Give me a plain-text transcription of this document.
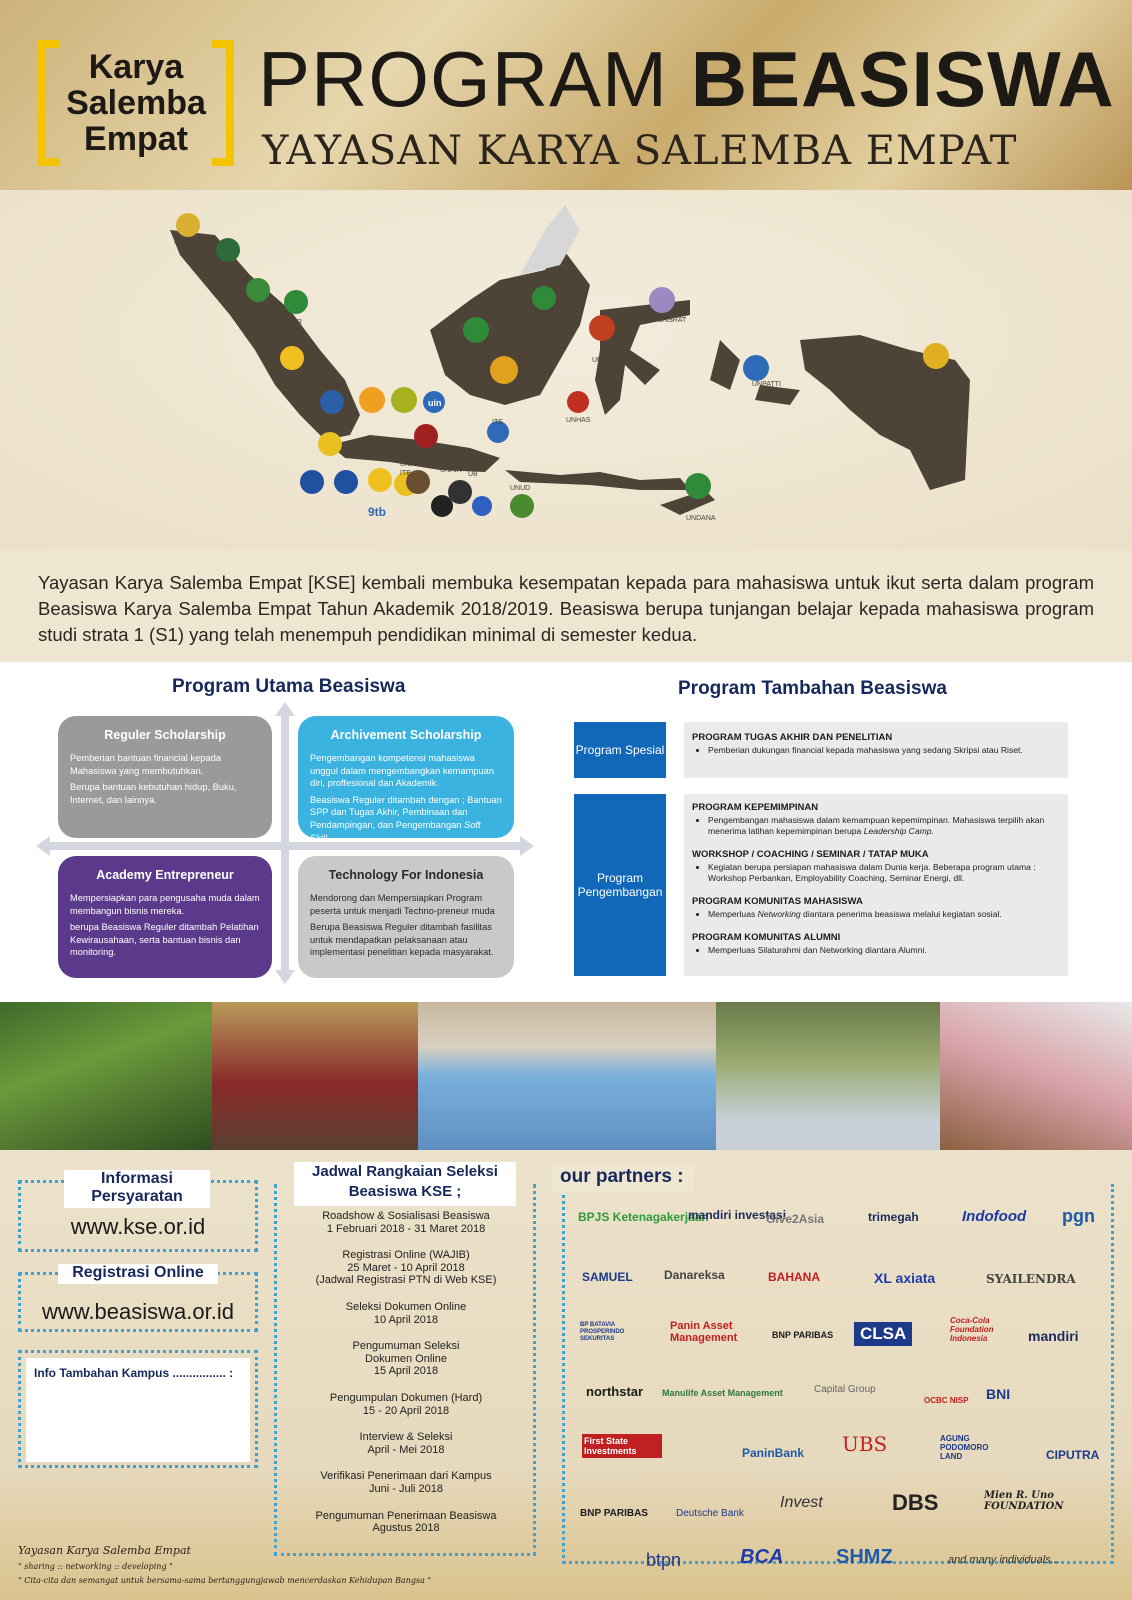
Karya
Salemba
Empat
PROGRAM BEASISWA
YAYASAN KARYA SALEMBA EMPAT
UNSYIAH
USU
UNAND
UR
UNSRI
UNILA
UNTIRTA
UNJ
UI IPB
UNPAD
ITB
UNDIP
UNAIR
ITS
UB
UNUD
UPR
ULM
UNMUL
UNTAD
UNHAS
UNSRAT
UNPATTI	UNCEN
UNDANA
uin
9tb
Yayasan Karya Salemba Empat [KSE] kembali membuka kesempatan kepada para mahasiswa untuk ikut serta dalam program Beasiswa Karya Salemba Empat Tahun Akademik 2018/2019. Beasiswa berupa tunjangan belajar kepada mahasiswa program studi strata 1 (S1) yang telah menempuh pendidikan minimal di semester kedua.
Program Utama Beasiswa	Program Tambahan Beasiswa
Reguler Scholarship

Pemberian bantuan financial kepada Mahasiswa yang membutuhkan.

Berupa bantuan kebutuhan hidup, Buku, Internet, dan lainnya.

Archivement Scholarship

Pengembangan kompetensi mahasiswa unggul dalam mengembangkan kemampuan diri, proffesional dan Akademik.

Beasiswa Reguler ditambah dengan ; Bantuan SPP dan Tugas Akhir, Pembinaan dan Pendampingan, dan Pengembangan Soft Skill.

Academy Entrepreneur

Mempersiapkan para pengusaha muda dalam membangun bisnis mereka.

berupa Beasiswa Reguler ditambah Pelatihan Kewirausahaan, serta bantuan bisnis dan monitoring.

Technology For Indonesia

Mendorong dan Mempersiapkan Program peserta untuk menjadi Techno-preneur muda

Berupa Beasiswa Reguler ditambah fasilitas untuk mendapatkan pelaksanaan atau implementasi penelitian kepada masyarakat.

Program Spesial
PROGRAM TUGAS AKHIR DAN PENELITIAN
• Pemberian dukungan financial kepada mahasiswa yang sedang Skripsi atau Riset.
Program Pengembangan
PROGRAM KEPEMIMPINAN
• Pengembangan mahasiswa dalam kemampuan kepemimpinan. Mahasiswa terpilih akan menerima latihan kepemimpinan berupa Leadership Camp.
WORKSHOP / COACHING / SEMINAR / TATAP MUKA
• Kegiatan berupa persiapan mahasiswa dalam Dunia kerja. Beberapa program utama : Workshop Perbankan, Employability Coaching, Seminar Energi, dll.
PROGRAM KOMUNITAS MAHASISWA
• Memperluas Networking diantara penerima beasiswa melalui kegiatan sosial.
PROGRAM KOMUNITAS ALUMNI
• Memperluas Silaturahmi dan Networking diantara Alumni.
Informasi Persyaratan
www.kse.or.id
Registrasi Online
www.beasiswa.or.id
Info Tambahan Kampus ................ :
Jadwal Rangkaian Seleksi Beasiswa KSE ;
Roadshow & Sosialisasi Beasiswa
1 Februari 2018 - 31 Maret 2018
Registrasi Online (WAJIB)
25 Maret - 10 April 2018
(Jadwal Registrasi PTN di Web KSE)
Seleksi Dokumen Online
10 April 2018
Pengumuman Seleksi
Dokumen Online
15 April 2018
Pengumpulan Dokumen (Hard)
15 - 20 April 2018
Interview & Seleksi
April - Mei 2018
Verifikasi Penerimaan dari Kampus
Juni - Juli 2018
Pengumuman Penerimaan Beasiswa
Agustus 2018
our partners :
BPJS Ketenagakerjaan
mandiri investasi
Give2Asia	trimegah	Indofood pgn
SAMUEL	Danareksa	BAHANA	XL axiata	SYAILENDRA
BP BATAVIA PROSPERINDO SEKURITAS
Panin Asset Management	BNP PARIBAS	CLSA
Coca-Cola Foundation Indonesia	mandiri
northstar Manulife Asset Management	Capital Group
OCBC NISP BNI
First State Investments	PaninBank UBS	AGUNG PODOMORO LAND	CIPUTRA
BNP PARIBAS	Deutsche Bank
Invest	DBS	Mien R. Uno FOUNDATION
btpn	BCA	SHMZ	and many individuals...
Yayasan Karya Salemba Empat
" sharing :: networking :: developing "
" Cita-cita dan semangat untuk bersama-sama bertanggungjawab mencerdaskan Kehidupan Bangsa "
